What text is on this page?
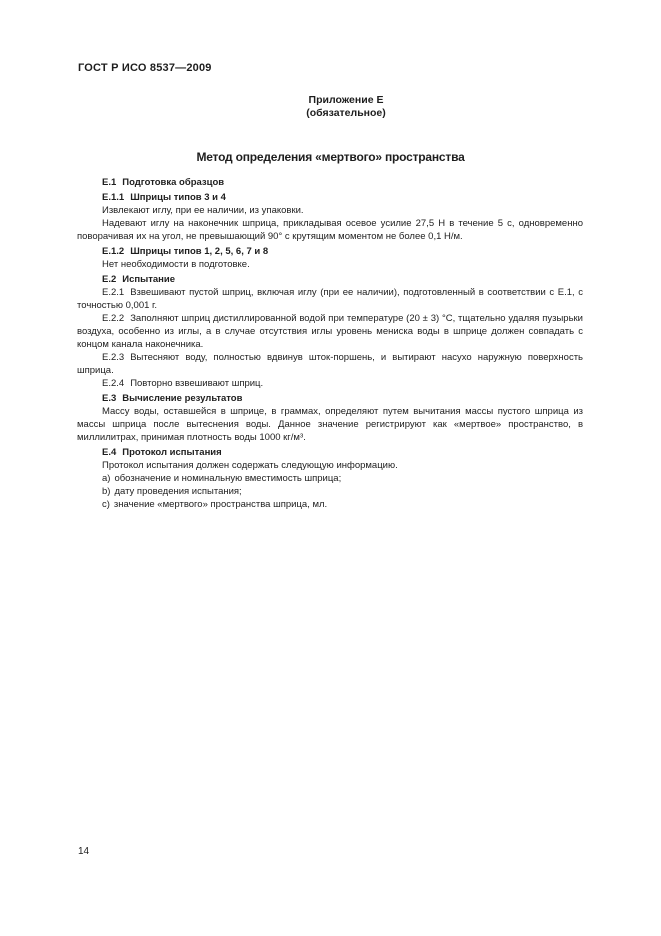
ГОСТ Р ИСО 8537—2009
Приложение Е
(обязательное)
Метод определения «мертвого» пространства
Е.1 Подготовка образцов
Е.1.1 Шприцы типов 3 и 4
Извлекают иглу, при ее наличии, из упаковки.
Надевают иглу на наконечник шприца, прикладывая осевое усилие 27,5 Н в течение 5 с, одновременно поворачивая их на угол, не превышающий 90° с крутящим моментом не более 0,1 Н/м.
Е.1.2 Шприцы типов 1, 2, 5, 6, 7 и 8
Нет необходимости в подготовке.
Е.2 Испытание
Е.2.1 Взвешивают пустой шприц, включая иглу (при ее наличии), подготовленный в соответствии с Е.1, с точностью 0,001 г.
Е.2.2 Заполняют шприц дистиллированной водой при температуре (20 ± 3) °С, тщательно удаляя пузырьки воздуха, особенно из иглы, а в случае отсутствия иглы уровень мениска воды в шприце должен совпадать с концом канала наконечника.
Е.2.3 Вытесняют воду, полностью вдвинув шток-поршень, и вытирают насухо наружную поверхность шприца.
Е.2.4 Повторно взвешивают шприц.
Е.3 Вычисление результатов
Массу воды, оставшейся в шприце, в граммах, определяют путем вычитания массы пустого шприца из массы шприца после вытеснения воды. Данное значение регистрируют как «мертвое» пространство, в миллилитрах, принимая плотность воды 1000 кг/м³.
Е.4 Протокол испытания
Протокол испытания должен содержать следующую информацию.
a) обозначение и номинальную вместимость шприца;
b) дату проведения испытания;
c) значение «мертвого» пространства шприца, мл.
14
